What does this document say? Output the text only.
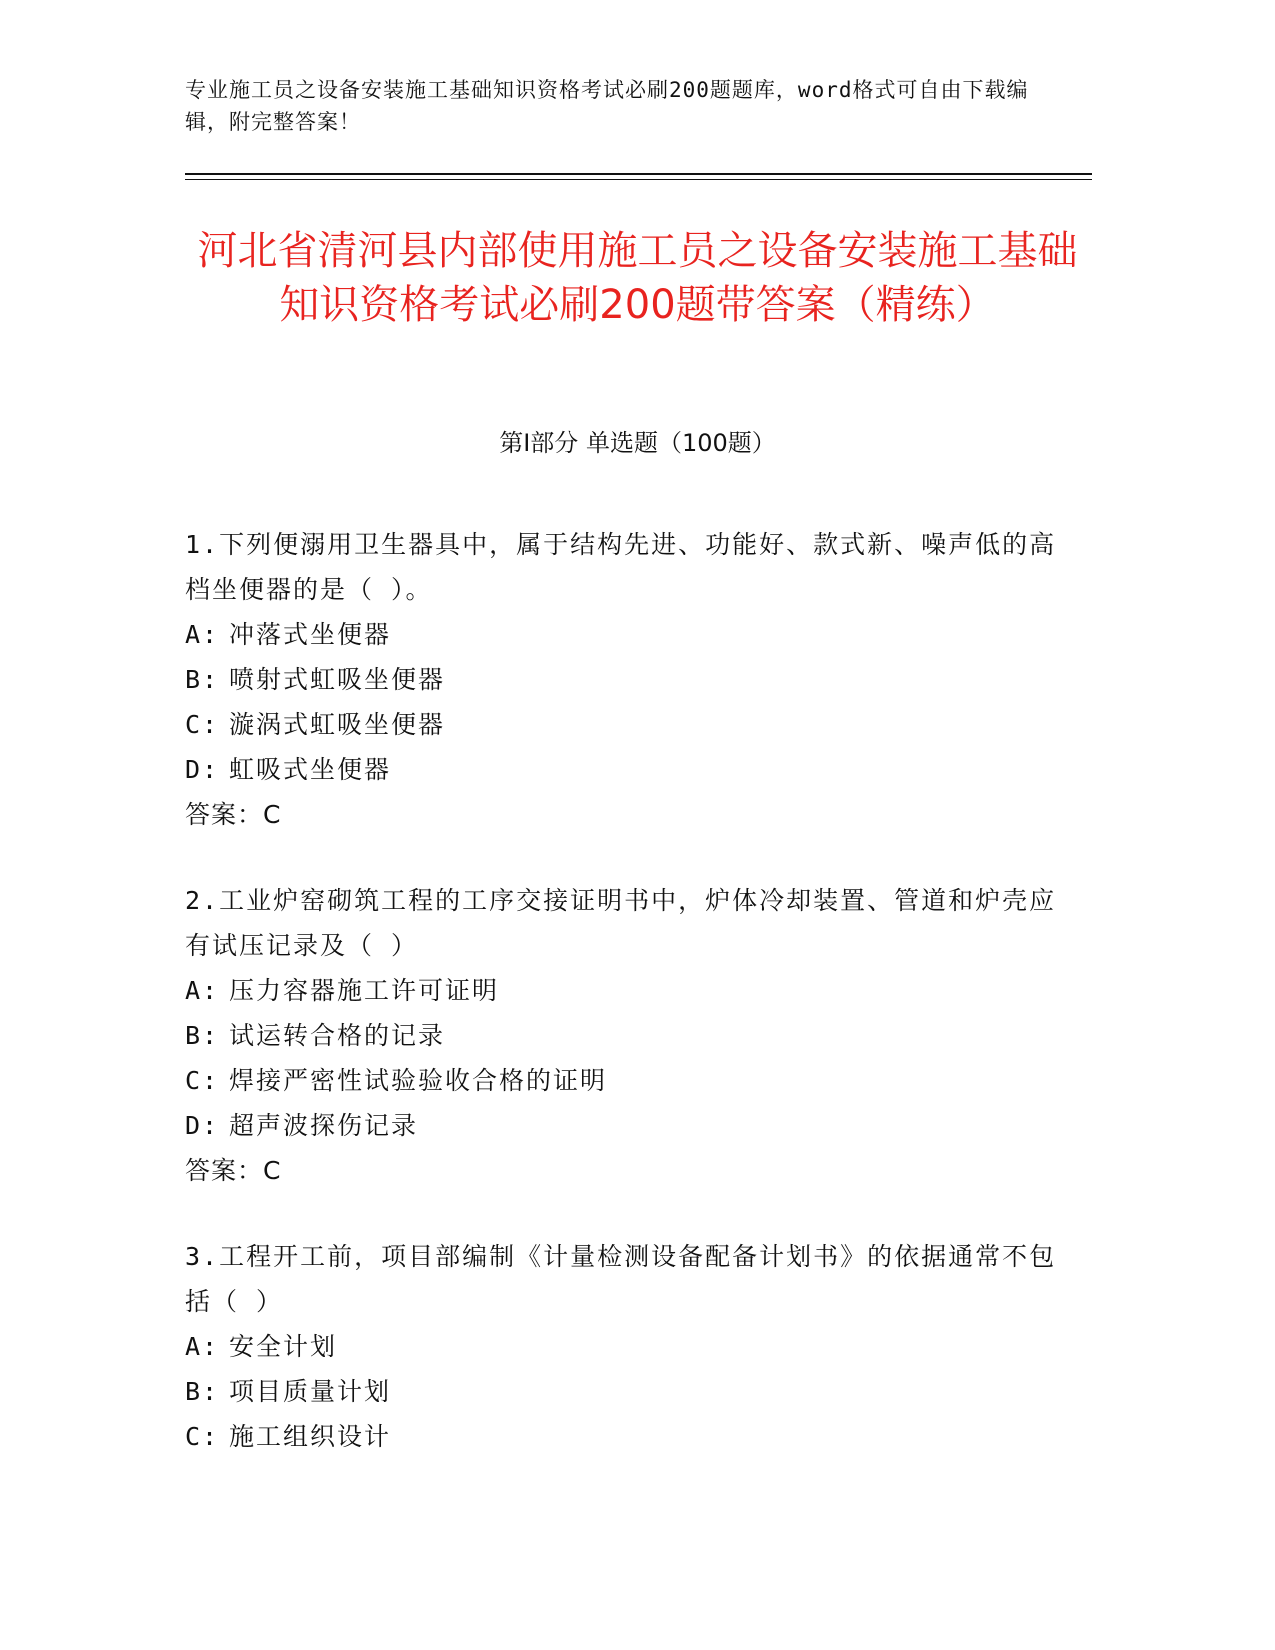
专业施工员之设备安装施工基础知识资格考试必刷200题题库，word格式可自由下载编辑，附完整答案！
河北省清河县内部使用施工员之设备安装施工基础知识资格考试必刷200题带答案（精练）
第I部分 单选题（100题）

1.下列便溺用卫生器具中，属于结构先进、功能好、款式新、噪声低的高档坐便器的是（ ）。

A: 冲落式坐便器

B: 喷射式虹吸坐便器

C: 漩涡式虹吸坐便器

D: 虹吸式坐便器

答案：C

2.工业炉窑砌筑工程的工序交接证明书中，炉体冷却装置、管道和炉壳应有试压记录及（ ）

A: 压力容器施工许可证明

B: 试运转合格的记录

C: 焊接严密性试验验收合格的证明

D: 超声波探伤记录

答案：C

3.工程开工前，项目部编制《计量检测设备配备计划书》的依据通常不包括（ ）

A: 安全计划

B: 项目质量计划

C: 施工组织设计
